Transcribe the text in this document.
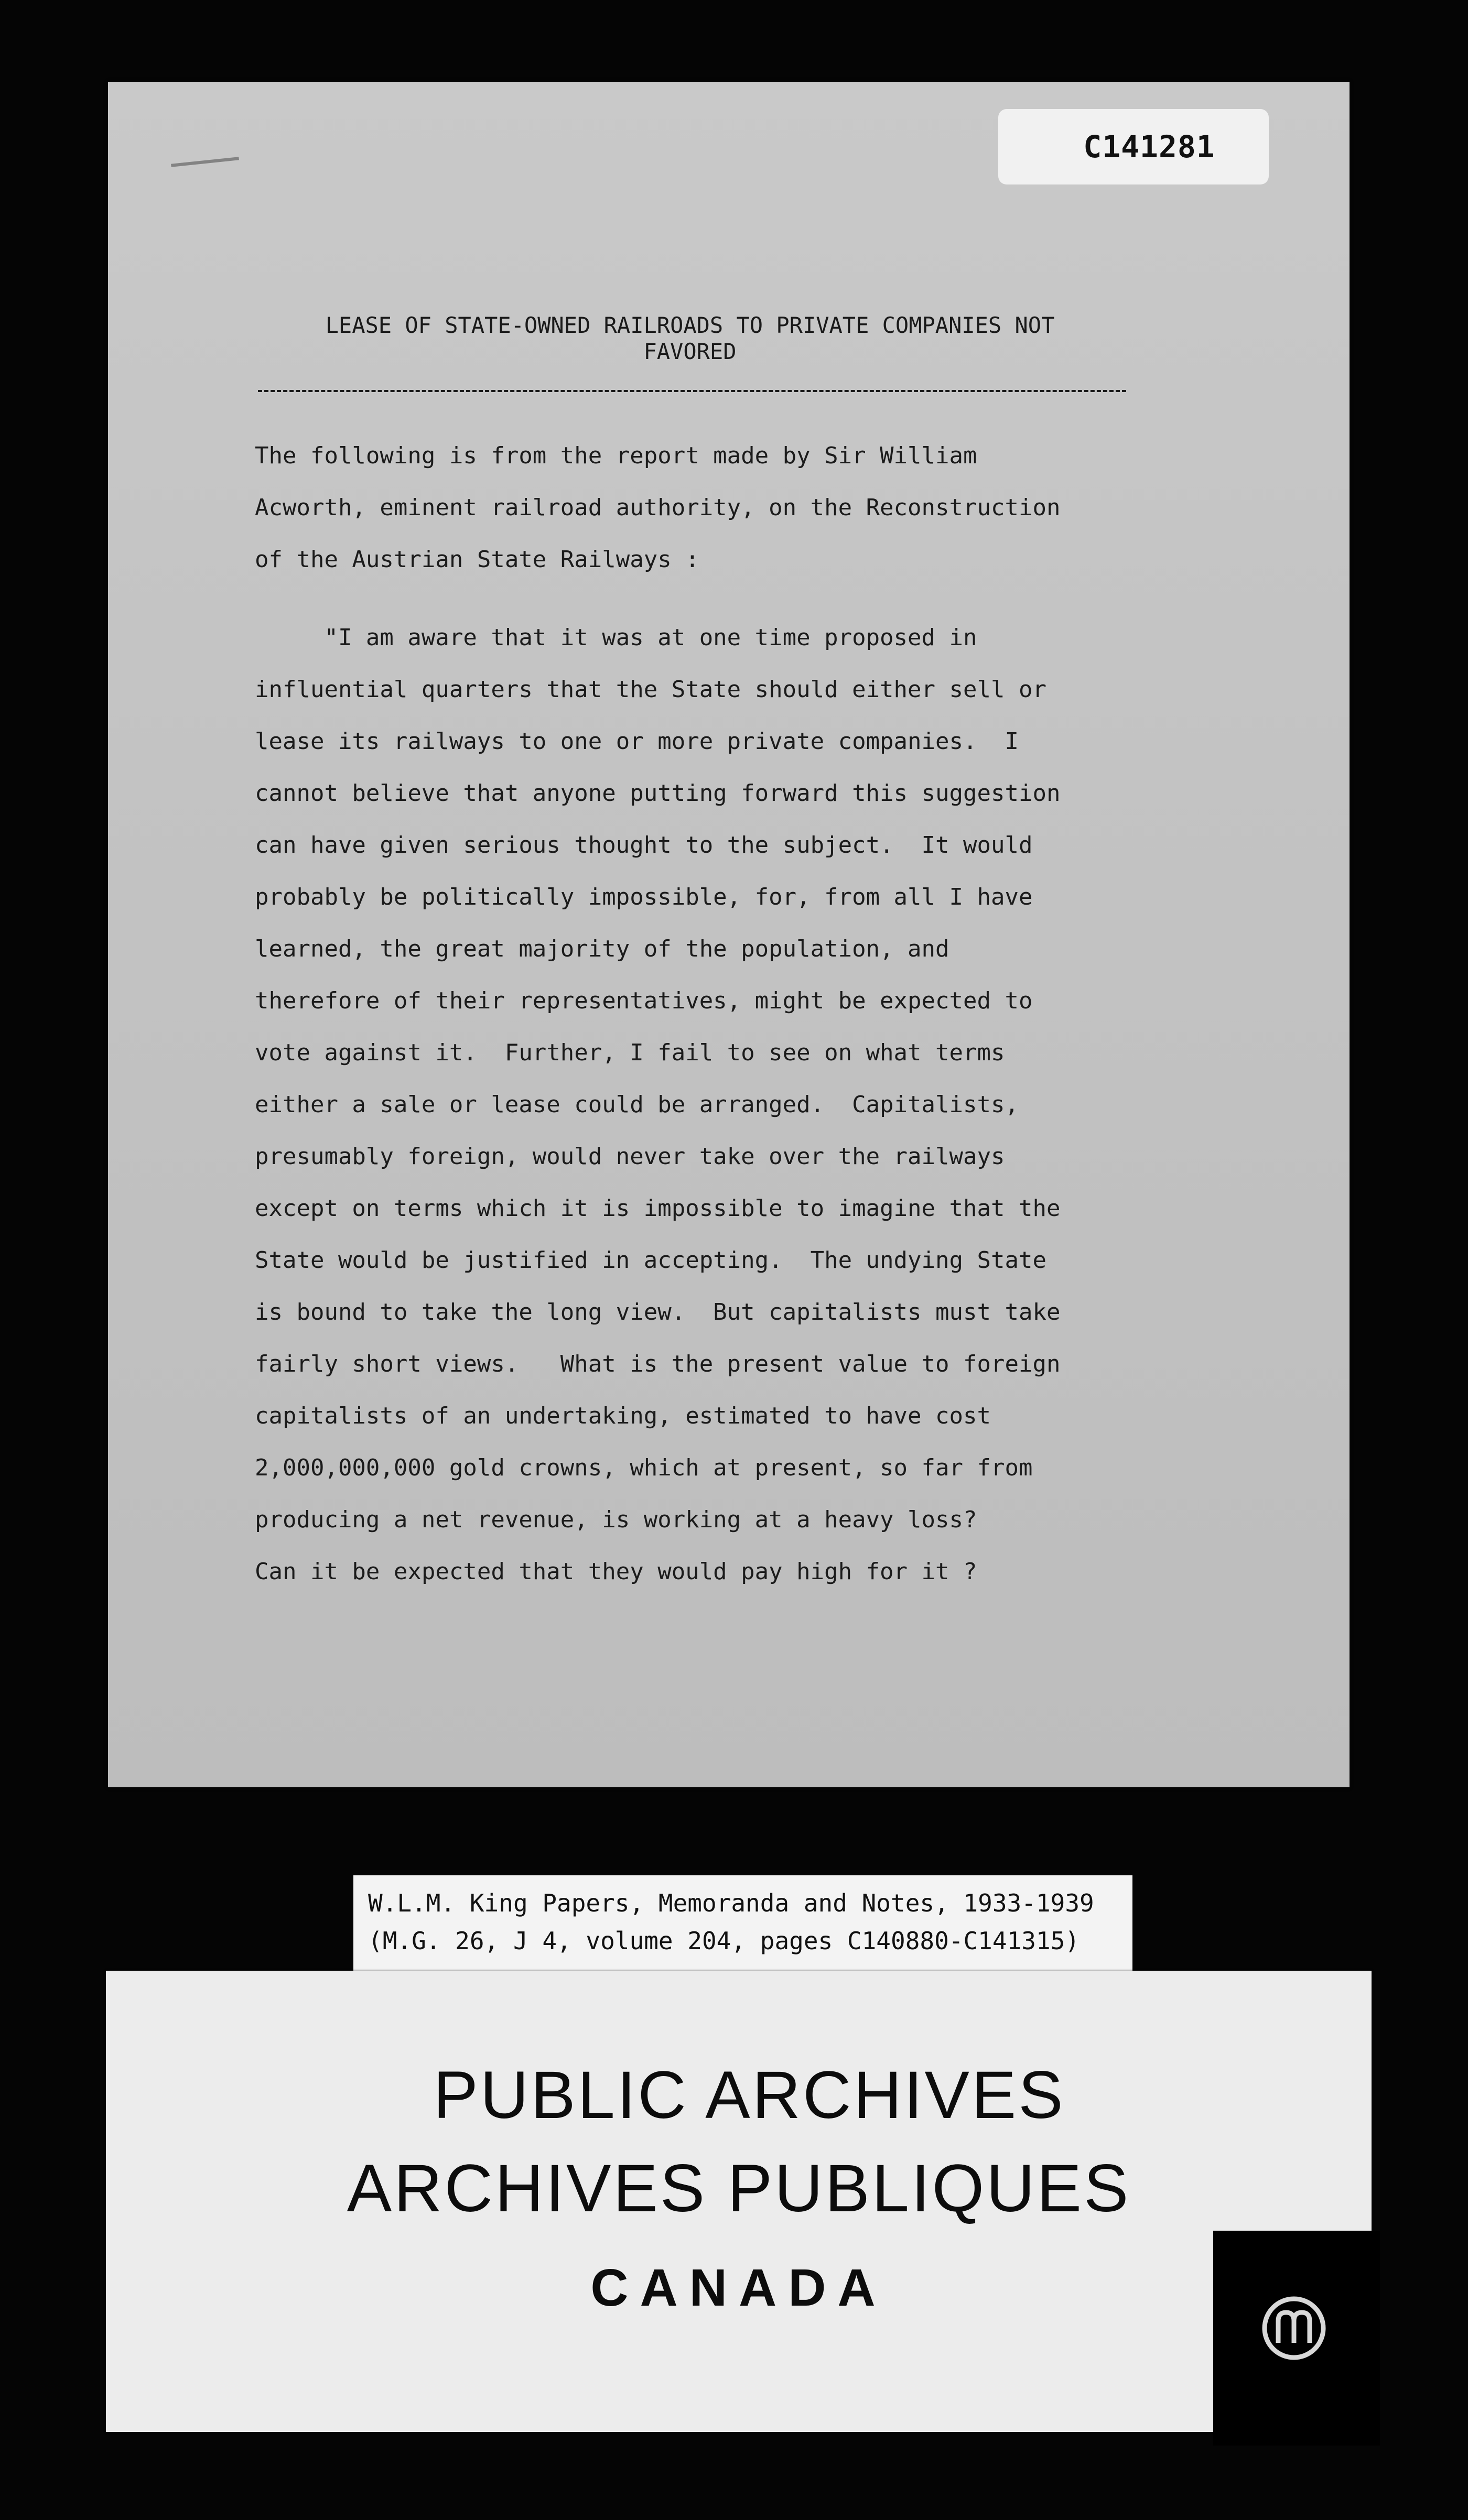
C141281
LEASE OF STATE-OWNED RAILROADS TO PRIVATE COMPANIES NOT
FAVORED
The following is from the report made by Sir William
Acworth, eminent railroad authority, on the Reconstruction
of the Austrian State Railways :
"I am aware that it was at one time proposed in
influential quarters that the State should either sell or
lease its railways to one or more private companies.  I
cannot believe that anyone putting forward this suggestion
can have given serious thought to the subject.  It would
probably be politically impossible, for, from all I have
learned, the great majority of the population, and
therefore of their representatives, might be expected to
vote against it.  Further, I fail to see on what terms
either a sale or lease could be arranged.  Capitalists,
presumably foreign, would never take over the railways
except on terms which it is impossible to imagine that the
State would be justified in accepting.  The undying State
is bound to take the long view.  But capitalists must take
fairly short views.   What is the present value to foreign
capitalists of an undertaking, estimated to have cost
2,000,000,000 gold crowns, which at present, so far from
producing a net revenue, is working at a heavy loss?
Can it be expected that they would pay high for it ?
W.L.M. King Papers, Memoranda and Notes, 1933-1939
(M.G. 26, J 4, volume 204, pages C140880-C141315)

PUBLIC ARCHIVES

ARCHIVES PUBLIQUES

CANADA
